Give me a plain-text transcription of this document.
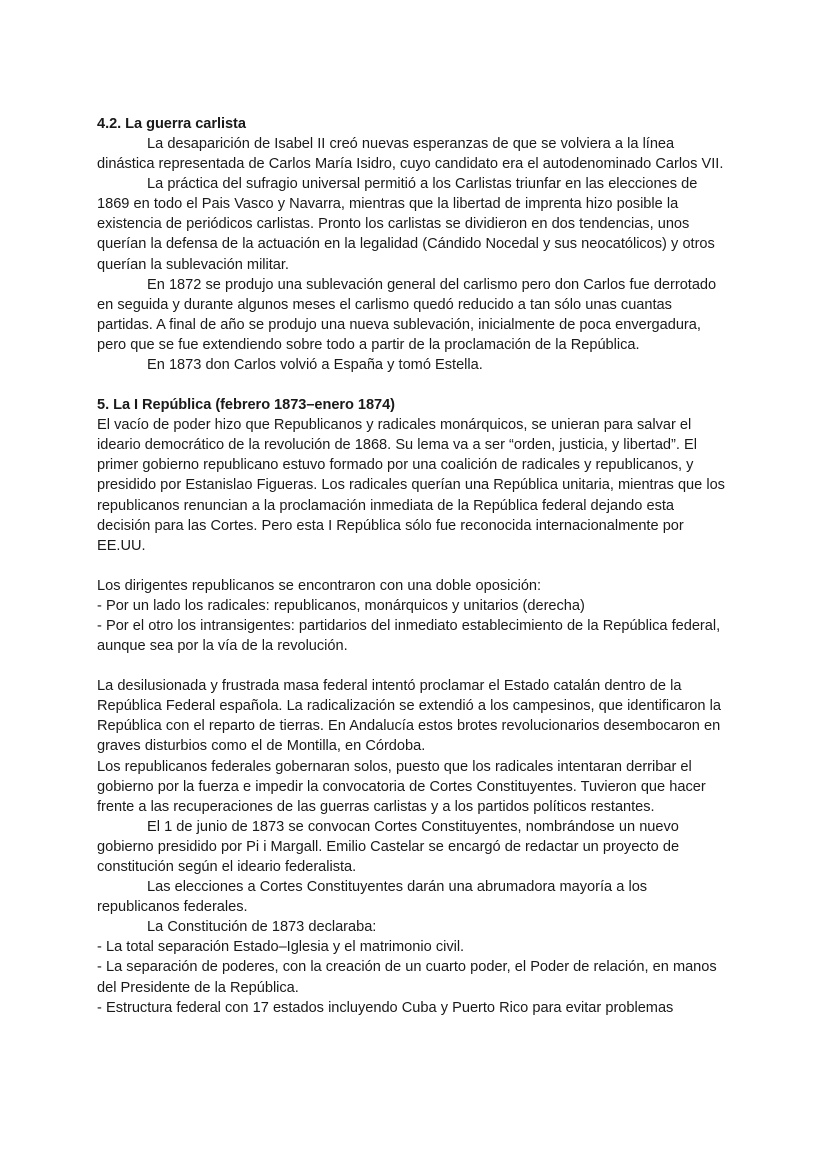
4.2. La guerra carlista

La desaparición de Isabel II creó nuevas esperanzas de que se volviera a la línea dinástica representada de Carlos María Isidro, cuyo candidato era el autodenominado Carlos VII.

La práctica del sufragio universal permitió a los Carlistas triunfar en las elecciones de 1869 en todo el Pais Vasco y Navarra, mientras que la libertad de imprenta hizo posible la existencia de periódicos carlistas. Pronto los carlistas se dividieron en dos tendencias, unos querían la defensa de la actuación en la legalidad (Cándido Nocedal y sus neocatólicos) y otros querían la sublevación militar.

En 1872 se produjo una sublevación general del carlismo pero don Carlos fue derrotado en seguida y durante algunos meses el carlismo quedó reducido a tan sólo unas cuantas partidas. A final de año se produjo una nueva sublevación, inicialmente de poca envergadura, pero que se fue extendiendo sobre todo a partir de la proclamación de la República.

En 1873 don Carlos volvió a España y tomó Estella.

5. La I República (febrero 1873–enero 1874)

El vacío de poder hizo que Republicanos y radicales monárquicos, se unieran para salvar el ideario democrático de la revolución de 1868. Su lema va a ser “orden, justicia, y libertad”. El primer gobierno republicano estuvo formado por una coalición de radicales y republicanos, y presidido por Estanislao Figueras. Los radicales querían una República unitaria, mientras que los republicanos renuncian a la proclamación inmediata de la República federal dejando esta decisión para las Cortes. Pero esta I República sólo fue reconocida internacionalmente por EE.UU.

Los dirigentes republicanos se encontraron con una doble oposición:

- Por un lado los radicales: republicanos, monárquicos y unitarios (derecha)

- Por el otro los intransigentes: partidarios del inmediato establecimiento de la República federal, aunque sea por la vía de la revolución.

La desilusionada y frustrada masa federal intentó proclamar el Estado catalán dentro de la República Federal española. La radicalización se extendió a los campesinos, que identificaron la República con el reparto de tierras. En Andalucía estos brotes revolucionarios desembocaron en graves disturbios como el de Montilla, en Córdoba.

Los republicanos federales gobernaran solos, puesto que los radicales intentaran derribar el gobierno por la fuerza e impedir la convocatoria de Cortes Constituyentes. Tuvieron que hacer frente a las recuperaciones de las guerras carlistas y a los partidos políticos restantes.

El 1 de junio de 1873 se convocan Cortes Constituyentes, nombrándose un nuevo gobierno presidido por Pi i Margall. Emilio Castelar se encargó de redactar un proyecto de constitución según el ideario federalista.

Las elecciones a Cortes Constituyentes darán una abrumadora mayoría a los republicanos federales.

La Constitución de 1873 declaraba:

- La total separación Estado–Iglesia y el matrimonio civil.

- La separación de poderes, con la creación de un cuarto poder, el Poder de relación, en manos del Presidente de la República.

- Estructura federal con 17 estados incluyendo Cuba y Puerto Rico para evitar problemas
